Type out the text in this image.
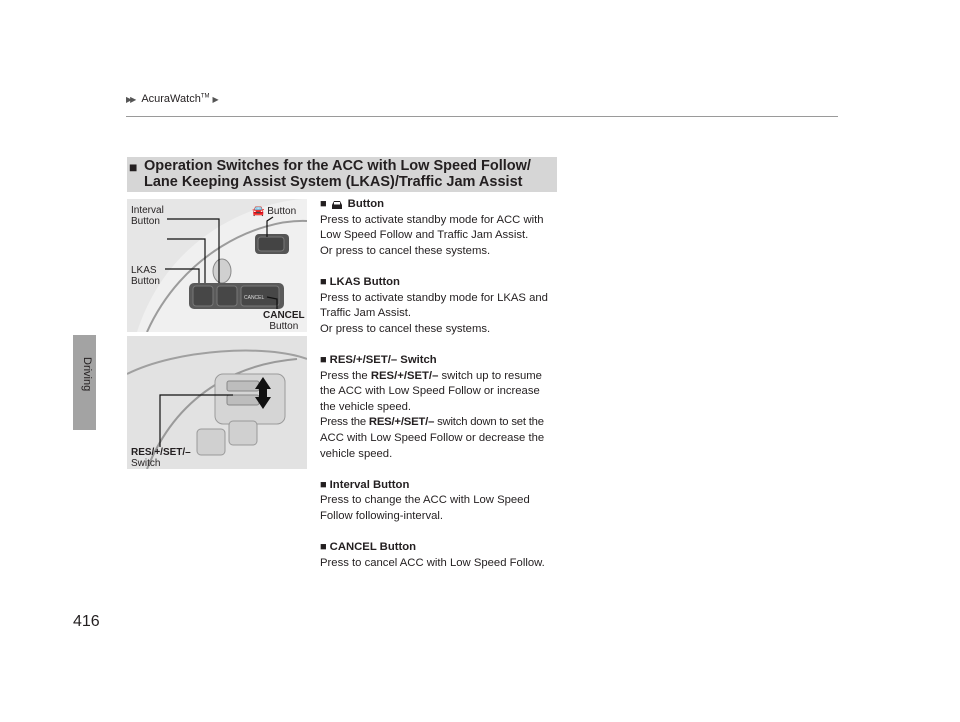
▶▶ AcuraWatch™ ▶
Driving
416
■ Operation Switches for the ACC with Low Speed Follow/
Lane Keeping Assist System (LKAS)/Traffic Jam Assist
CANCEL
Interval
Button
🚘 Button
LKAS
Button
CANCEL
Button
RES/+/SET/–
Switch
■ Button

Press to activate standby mode for ACC with

Low Speed Follow and Traffic Jam Assist.

Or press to cancel these systems.

■ LKAS Button

Press to activate standby mode for LKAS and

Traffic Jam Assist.

Or press to cancel these systems.

■ RES/+/SET/– Switch

Press the RES/+/SET/– switch up to resume

the ACC with Low Speed Follow or increase

the vehicle speed.

Press the RES/+/SET/– switch down to set the

ACC with Low Speed Follow or decrease the

vehicle speed.

■ Interval Button

Press to change the ACC with Low Speed

Follow following-interval.

■ CANCEL Button

Press to cancel ACC with Low Speed Follow.
